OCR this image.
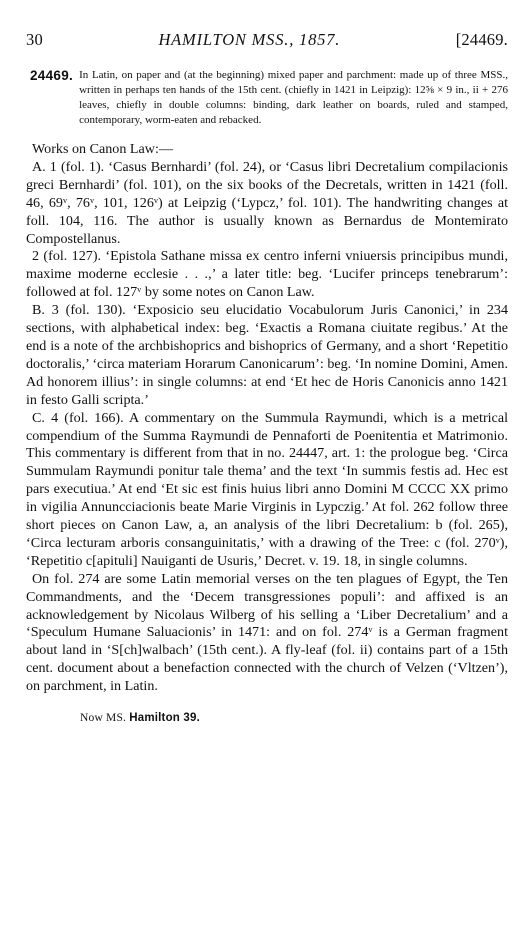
30	HAMILTON MSS., 1857.	[24469.
24469. In Latin, on paper and (at the beginning) mixed paper and parchment: made up of three MSS., written in perhaps ten hands of the 15th cent. (chiefly in 1421 in Leipzig): 12⅝ × 9 in., ii + 276 leaves, chiefly in double columns: binding, dark leather on boards, ruled and stamped, contemporary, worm-eaten and rebacked.

Works on Canon Law:—

A. 1 (fol. 1). ‘Casus Bernhardi’ (fol. 24), or ‘Casus libri Decretalium compilacionis greci Bernhardi’ (fol. 101), on the six books of the Decretals, written in 1421 (foll. 46, 69ᵛ, 76ᵛ, 101, 126ᵛ) at Leipzig (‘Lypcz,’ fol. 101). The handwriting changes at foll. 104, 116. The author is usually known as Bernardus de Montemirato Compostellanus.

2 (fol. 127). ‘Epistola Sathane missa ex centro inferni vniuersis principibus mundi, maxime moderne ecclesie . . .,’ a later title: beg. ‘Lucifer princeps tenebrarum’: followed at fol. 127ᵛ by some notes on Canon Law.

B. 3 (fol. 130). ‘Exposicio seu elucidatio Vocabulorum Juris Canonici,’ in 234 sections, with alphabetical index: beg. ‘Exactis a Romana ciuitate regibus.’ At the end is a note of the archbishoprics and bishoprics of Germany, and a short ‘Repetitio doctoralis,’ ‘circa materiam Horarum Canonicarum’: beg. ‘In nomine Domini, Amen. Ad honorem illius’: in single columns: at end ‘Et hec de Horis Canonicis anno 1421 in festo Galli scripta.’

C. 4 (fol. 166). A commentary on the Summula Raymundi, which is a metrical compendium of the Summa Raymundi de Pennaforti de Poenitentia et Matrimonio. This commentary is different from that in no. 24447, art. 1: the prologue beg. ‘Circa Summulam Raymundi ponitur tale thema’ and the text ‘In summis festis ad. Hec est pars executiua.’ At end ‘Et sic est finis huius libri anno Domini M CCCC XX primo in vigilia Annuncciacionis beate Marie Virginis in Lypczig.’ At fol. 262 follow three short pieces on Canon Law, a, an analysis of the libri Decretalium: b (fol. 265), ‘Circa lecturam arboris consanguinitatis,’ with a drawing of the Tree: c (fol. 270ᵛ), ‘Repetitio c[apituli] Nauiganti de Usuris,’ Decret. v. 19. 18, in single columns.

On fol. 274 are some Latin memorial verses on the ten plagues of Egypt, the Ten Commandments, and the ‘Decem transgressiones populi’: and affixed is an acknowledgement by Nicolaus Wilberg of his selling a ‘Liber Decretalium’ and a ‘Speculum Humane Saluacionis’ in 1471: and on fol. 274ᵛ is a German fragment about land in ‘S[ch]walbach’ (15th cent.). A fly-leaf (fol. ii) contains part of a 15th cent. document about a benefaction connected with the church of Velzen (‘Vltzen’), on parchment, in Latin.

Now MS. Hamilton 39.
